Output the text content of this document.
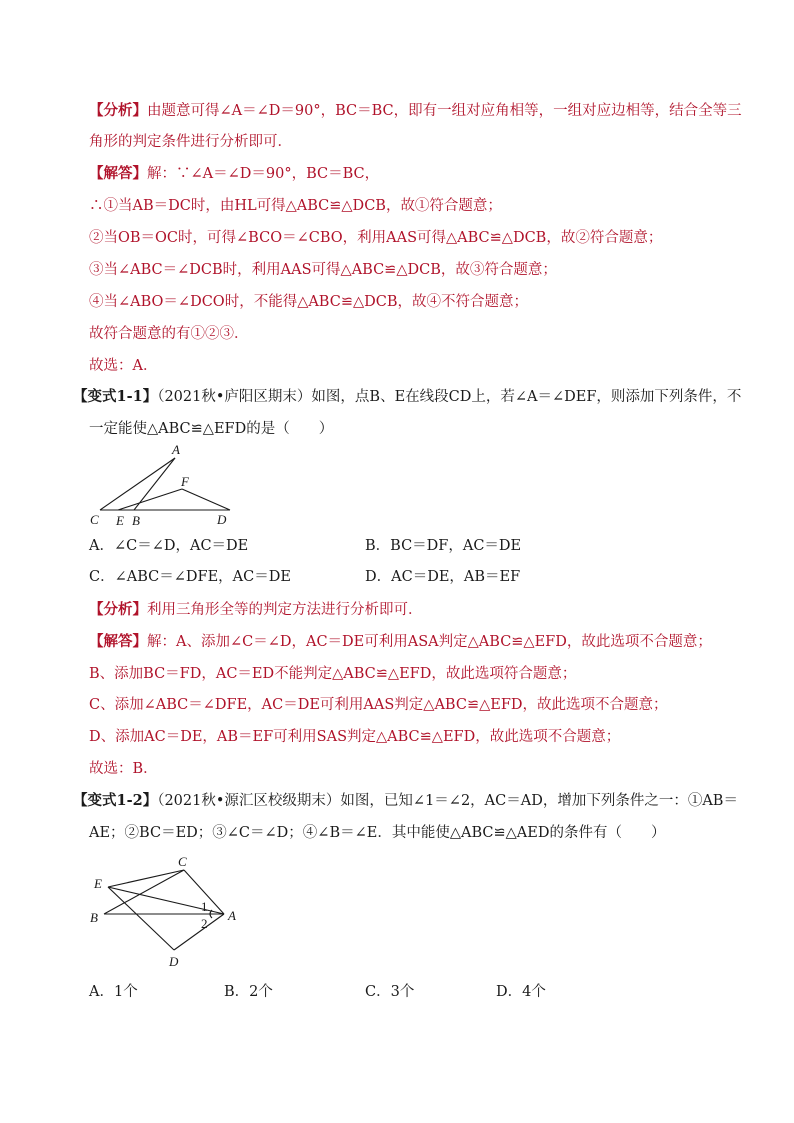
【分析】由题意可得∠A＝∠D＝90°，BC＝BC，即有一组对应角相等，一组对应边相等，结合全等三
角形的判定条件进行分析即可．
【解答】解：∵∠A＝∠D＝90°，BC＝BC，
∴①当AB＝DC时，由HL可得△ABC≌△DCB，故①符合题意；
②当OB＝OC时，可得∠BCO＝∠CBO，利用AAS可得△ABC≌△DCB，故②符合题意；
③当∠ABC＝∠DCB时，利用AAS可得△ABC≌△DCB，故③符合题意；
④当∠ABO＝∠DCO时，不能得△ABC≌△DCB，故④不符合题意；
故符合题意的有①②③．
故选：A．
【变式1-1】（2021秋•庐阳区期末）如图，点B、E在线段CD上，若∠A＝∠DEF，则添加下列条件，不
一定能使△ABC≌△EFD的是（　　）
A
F
C E B	D
A．∠C＝∠D，AC＝DE	B．BC＝DF，AC＝DE
C．∠ABC＝∠DFE，AC＝DE	D．AC＝DE，AB＝EF
【分析】利用三角形全等的判定方法进行分析即可．
【解答】解：A、添加∠C＝∠D，AC＝DE可利用ASA判定△ABC≌△EFD，故此选项不合题意；
B、添加BC＝FD，AC＝ED不能判定△ABC≌△EFD，故此选项符合题意；
C、添加∠ABC＝∠DFE，AC＝DE可利用AAS判定△ABC≌△EFD，故此选项不合题意；
D、添加AC＝DE，AB＝EF可利用SAS判定△ABC≌△EFD，故此选项不合题意；
故选：B．
【变式1-2】（2021秋•源汇区校级期末）如图，已知∠1＝∠2，AC＝AD，增加下列条件之一：①AB＝
AE；②BC＝ED；③∠C＝∠D；④∠B＝∠E．其中能使△ABC≌△AED的条件有（　　）
C
E
B
1
2
A
D
A．1个	B．2个	C．3个	D．4个
